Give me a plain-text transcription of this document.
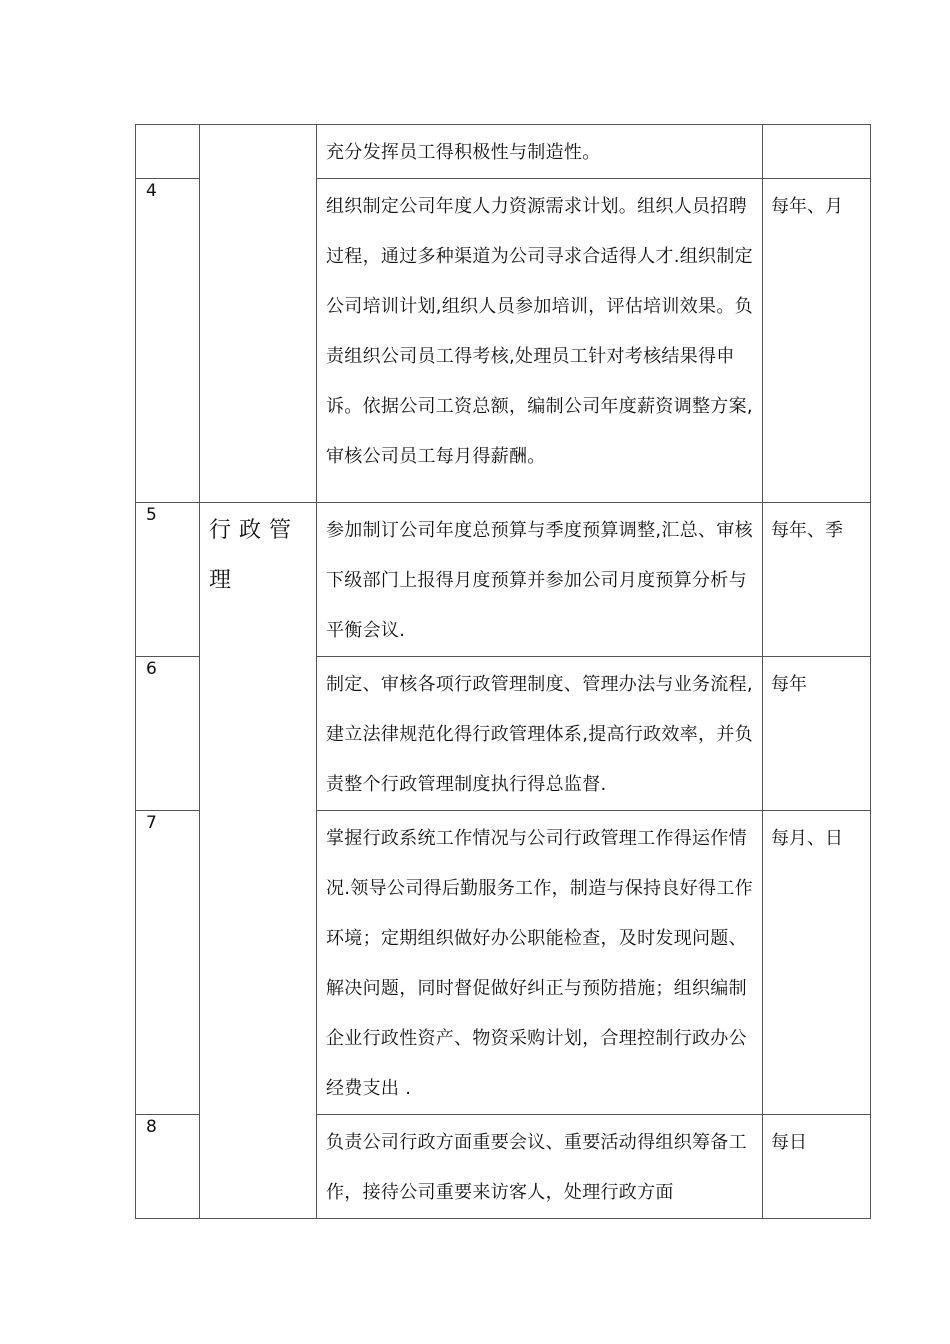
		充分发挥员工得积极性与制造性。	
4		组织制定公司年度人力资源需求计划。组织人员招聘过程，通过多种渠道为公司寻求合适得人才.组织制定公司培训计划,组织人员参加培训，评估培训效果。负责组织公司员工得考核,处理员工针对考核结果得申诉。依据公司工资总额，编制公司年度薪资调整方案,审核公司员工每月得薪酬。	每年、月
5	行政管理	参加制订公司年度总预算与季度预算调整,汇总、审核下级部门上报得月度预算并参加公司月度预算分析与平衡会议.	每年、季
6		制定、审核各项行政管理制度、管理办法与业务流程,建立法律规范化得行政管理体系,提高行政效率，并负责整个行政管理制度执行得总监督.	每年
7		掌握行政系统工作情况与公司行政管理工作得运作情况.领导公司得后勤服务工作，制造与保持良好得工作环境；定期组织做好办公职能检查，及时发现问题、解决问题，同时督促做好纠正与预防措施；组织编制企业行政性资产、物资采购计划，合理控制行政办公经费支出 .	每月、日
8		负责公司行政方面重要会议、重要活动得组织筹备工作，接待公司重要来访客人，处理行政方面	每日
